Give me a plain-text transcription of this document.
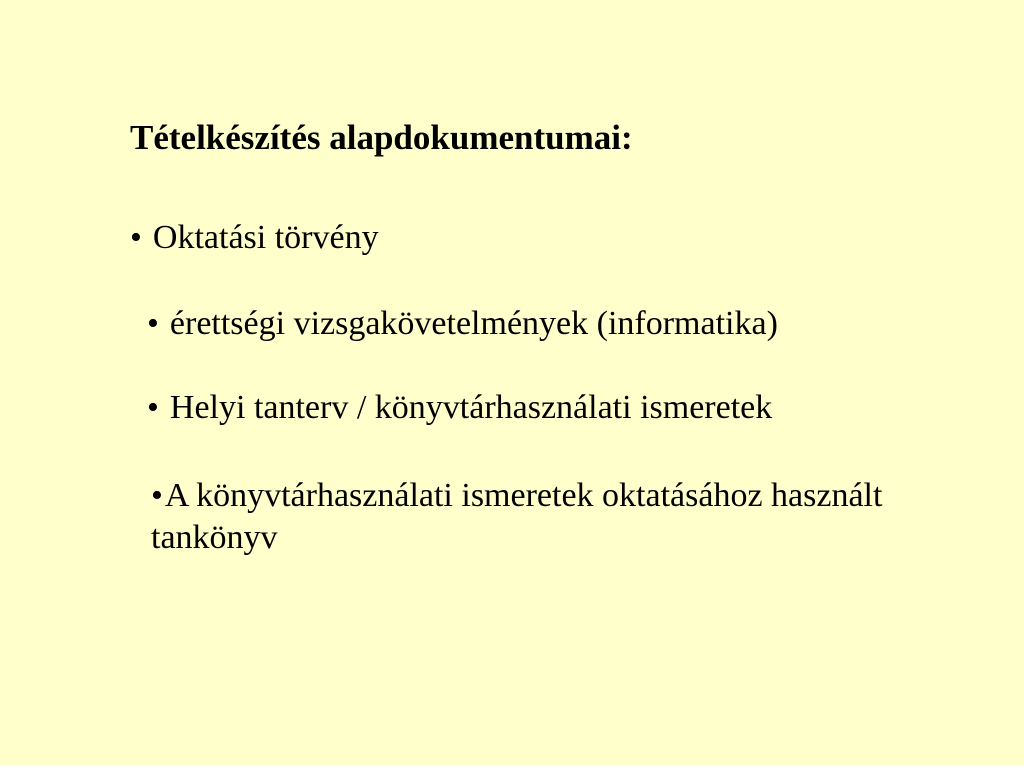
Tételkészítés alapdokumentumai:
• Oktatási törvény
• érettségi vizsgakövetelmények (informatika)
• Helyi tanterv / könyvtárhasználati ismeretek
•A könyvtárhasználati ismeretek oktatásához használt
tankönyv
